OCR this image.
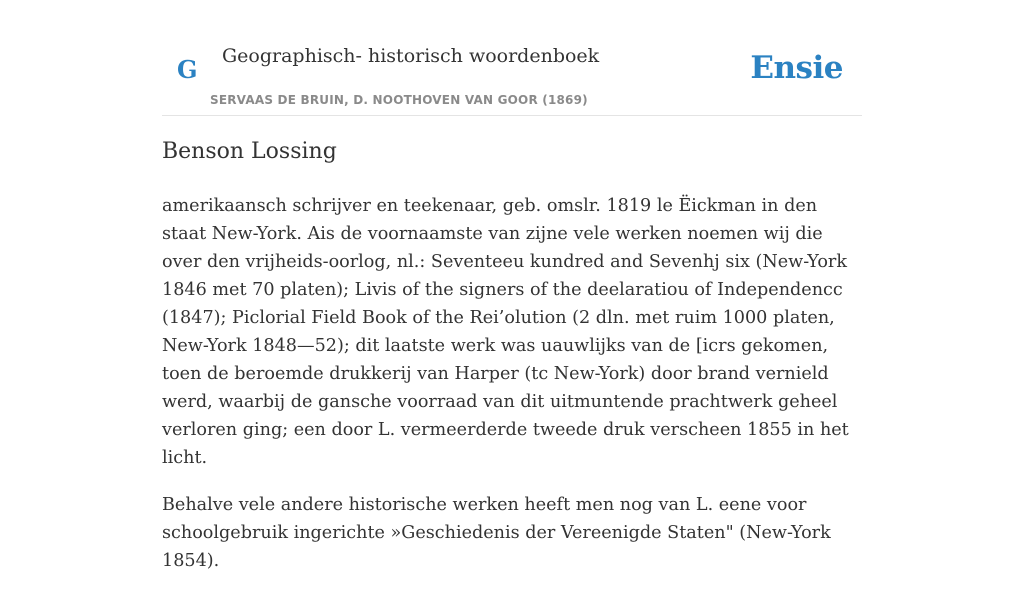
G Geographisch- historisch woordenboek
SERVAAS DE BRUIN, D. NOOTHOVEN VAN GOOR (1869)
Ensie
Benson Lossing

amerikaansch schrijver en teekenaar, geb. omslr. 1819 le Ëickman in den staat New-York. Ais de voornaamste van zijne vele werken noemen wij die over den vrijheids-oorlog, nl.: Seventeeu kundred and Sevenhj six (New-York 1846 met 70 platen); Livis of the signers of the deelaratiou of Independencc (1847); Piclorial Field Book of the Rei’olution (2 dln. met ruim 1000 platen, New-York 1848—52); dit laatste werk was uauwlijks van de [icrs gekomen, toen de beroemde drukkerij van Harper (tc New-York) door brand vernield werd, waarbij de gansche voorraad van dit uitmuntende prachtwerk geheel verloren ging; een door L. vermeerderde tweede druk verscheen 1855 in het licht.

Behalve vele andere historische werken heeft men nog van L. eene voor schoolgebruik ingerichte »Geschiedenis der Vereenigde Staten" (New-York 1854).
